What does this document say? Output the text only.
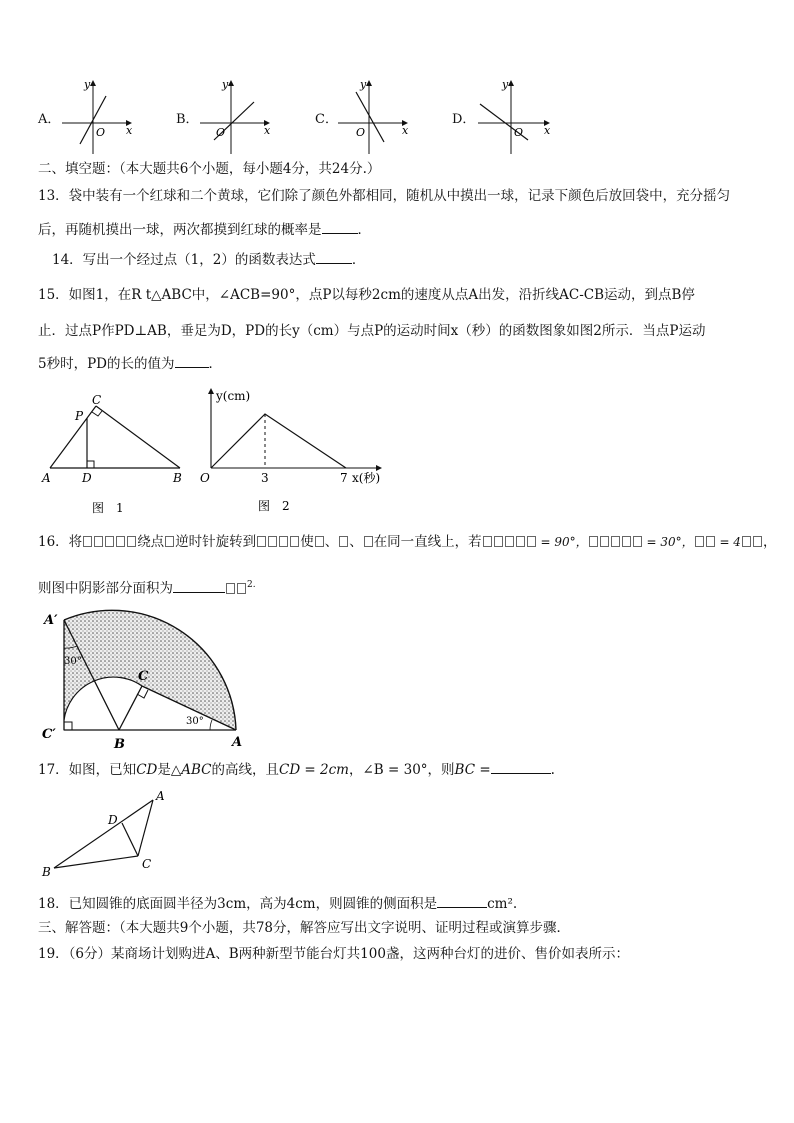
A．
y
x
O
B．
y
x
O
C．
y
x
O
D．
y
x
O
二、填空题：（本大题共6个小题，每小题4分，共24分.）
13．袋中装有一个红球和二个黄球，它们除了颜色外都相同，随机从中摸出一球，记录下颜色后放回袋中，充分摇匀
后，再随机摸出一球，两次都摸到红球的概率是	．
14．写出一个经过点（1，2）的函数表达式	．
15．如图1，在R t△ABC中，∠ACB=90°，点P以每秒2cm的速度从点A出发，沿折线AC-CB运动，到点B停
止．过点P作PD⊥AB，垂足为D，PD的长y（cm）与点P的运动时间x（秒）的函数图象如图2所示．当点P运动
5秒时，PD的长的值为	．
A	D	B
C
P
图　1
y(cm)
O	3	7 x(秒)
图　2
16．将	绕点 逆时针旋转到	使 、 、 在同一直线上，若	= 90°，	= 30°， = 4 ，
则图中阴影部分面积为	$^{2.}$
A′
C′
B
C
A
30°
30°
17．如图，已知CD是△ABC的高线，且CD = 2cm，∠B = 30°，则BC =	.
A
B
C
D
18．已知圆锥的底面圆半径为3cm，高为4cm，则圆锥的侧面积是	cm².
三、解答题：（本大题共9个小题，共78分，解答应写出文字说明、证明过程或演算步骤．
19．（6分）某商场计划购进A、B两种新型节能台灯共100盏，这两种台灯的进价、售价如表所示：
